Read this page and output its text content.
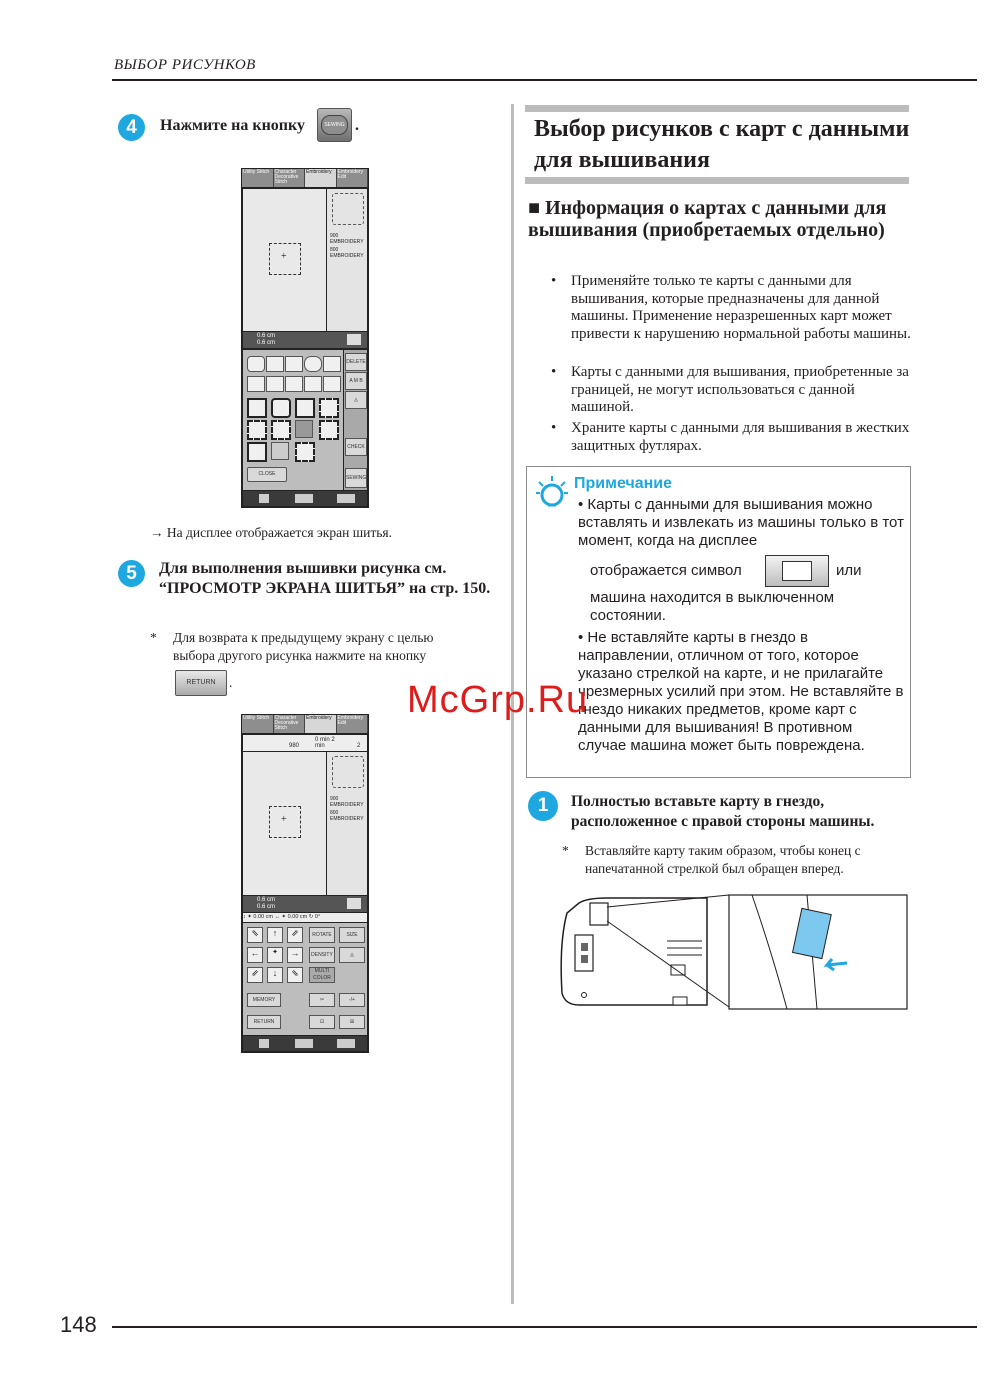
ВЫБОР РИСУНКОВ
4	Нажмите на кнопку	SEWING .
Utility Stitch	Character Decorative Stitch
Embroidery	Embroidery Edit
+
900 EMBROIDERY
800 EMBROIDERY
0.6 cm
0.6 cm
CLOSE
DELETE
A M B
◬
CHECK
SEWING
→ На дисплее отображается экран шитья.
5	Для выполнения вышивки рисунка см. “ПРОСМОТР ЭКРАНА ШИТЬЯ” на стр. 150.
* Для возврата к предыдущему экрану с целью выбора другого рисунка нажмите на кнопку
RETURN .
Utility Stitch	Character Decorative Stitch
Embroidery	Embroidery Edit
980
0 min 2 min	2
+
900 EMBROIDERY
800 EMBROIDERY
0.6 cm
0.6 cm
↕ ✦ 0.00 cm ↔ ✦ 0.00 cm ↻ 0°
⇖	↑	⇗
←	✦	→
⇙	↓	⇘
ROTATE	SIZE
DENSITY	◬
MULTI COLOR
MEMORY	✂	-/+
RETURN	⊡	⊞
Выбор рисунков с карт с данными для вышивания
■ Информация о картах с данными для вышивания (приобретаемых отдельно)
• Применяйте только те карты с данными для вышивания, которые предназначены для данной машины. Применение неразрешенных карт может привести к нарушению нормальной работы машины.
• Карты с данными для вышивания, приобретенные за границей, не могут использоваться с данной машиной.
• Храните карты с данными для вышивания в жестких защитных футлярах.
Примечание
• Карты с данными для вышивания можно вставлять и извлекать из машины только в тот момент, когда на дисплее
отображается символ	или
машина находится в выключенном состоянии.
• Не вставляйте карты в гнездо в направлении, отличном от того, которое указано стрелкой на карте, и не прилагайте чрезмерных усилий при этом. Не вставляйте в гнездо никаких предметов, кроме карт с данными для вышивания! В противном случае машина может быть повреждена.
1	Полностью вставьте карту в гнездо, расположенное с правой стороны машины.
* Вставляйте карту таким образом, чтобы конец с напечатанной стрелкой был обращен вперед.
McGrp.Ru
148
